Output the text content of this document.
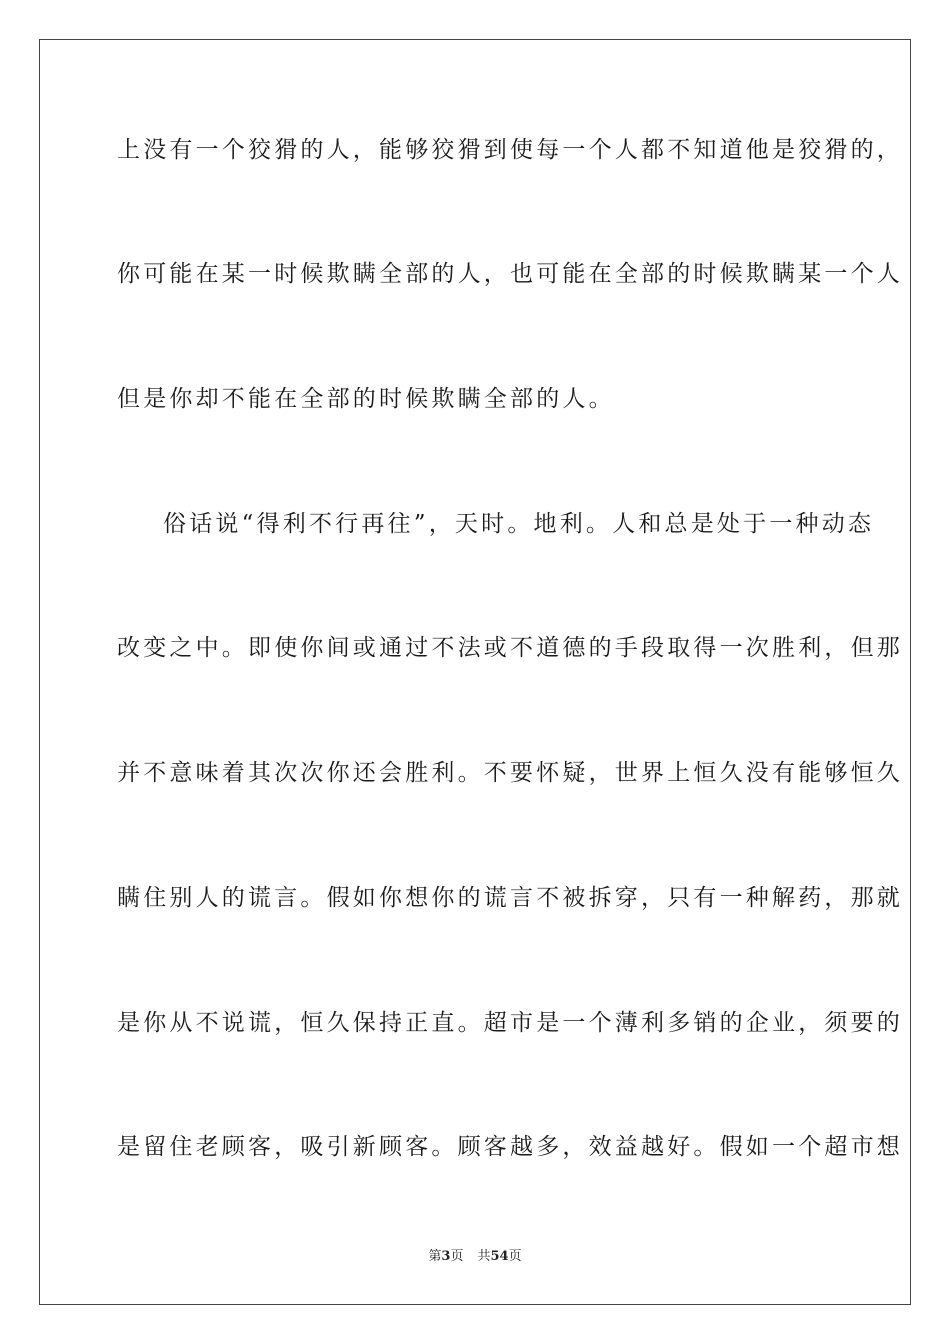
上没有一个狡猾的人，能够狡猾到使每一个人都不知道他是狡猾的，
你可能在某一时候欺瞒全部的人，也可能在全部的时候欺瞒某一个人
但是你却不能在全部的时候欺瞒全部的人。
俗话说“得利不行再往”，天时。地利。人和总是处于一种动态
改变之中。即使你间或通过不法或不道德的手段取得一次胜利，但那
并不意味着其次次你还会胜利。不要怀疑，世界上恒久没有能够恒久
瞒住别人的谎言。假如你想你的谎言不被拆穿，只有一种解药，那就
是你从不说谎，恒久保持正直。超市是一个薄利多销的企业，须要的
是留住老顾客，吸引新顾客。顾客越多，效益越好。假如一个超市想
第3页 共54页
